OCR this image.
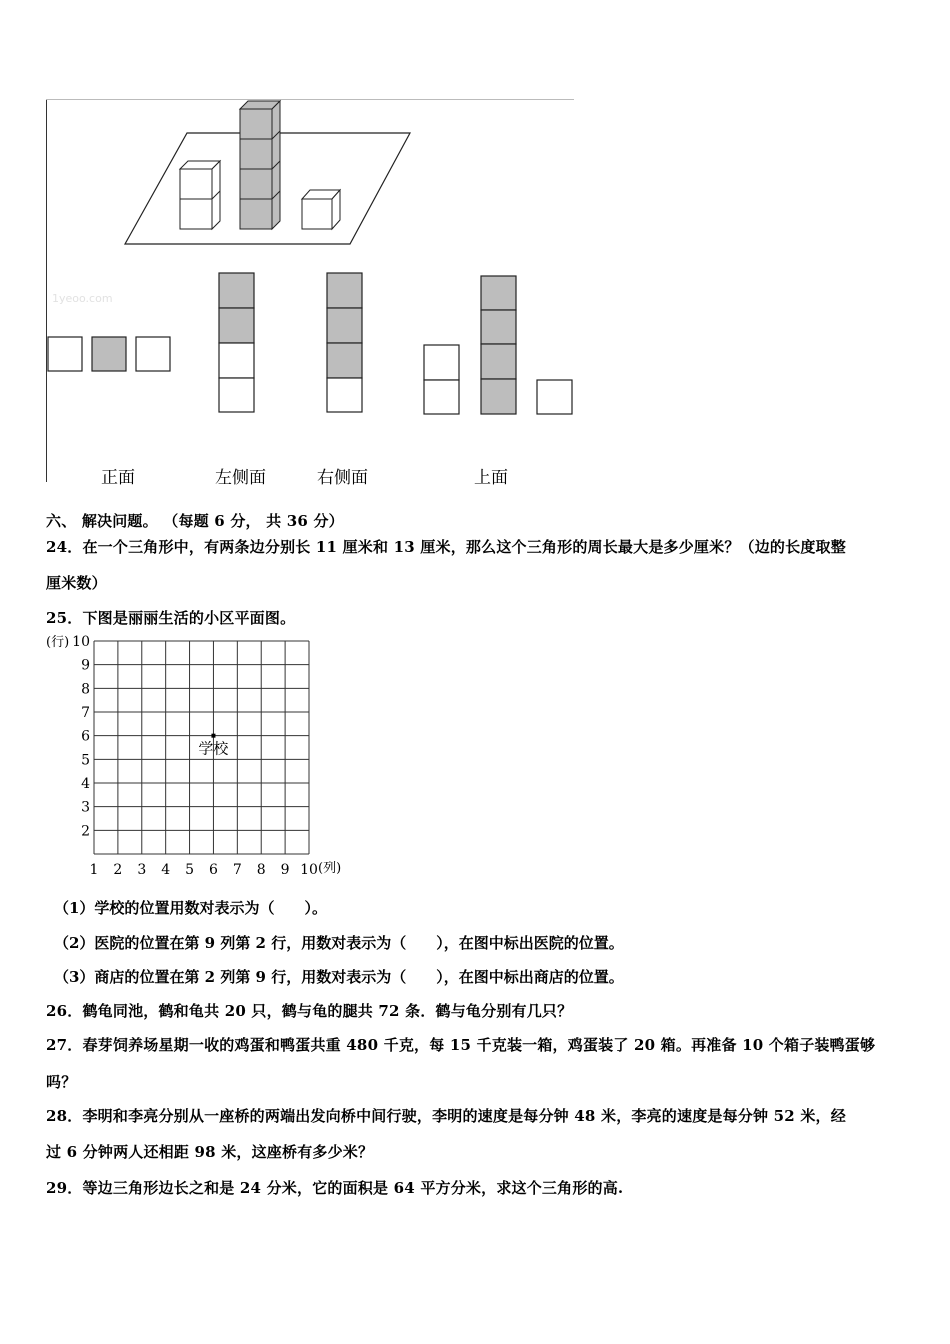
1yeoo.com
正面	左侧面	右侧面	上面
六、 解决问题。 （每题 6 分， 共 36 分）
24．在一个三角形中，有两条边分别长 11 厘米和 13 厘米，那么这个三角形的周长最大是多少厘米？（边的长度取整
厘米数）
25．下图是丽丽生活的小区平面图。
10
9
8
7
6
5
4
3
2
1 2 3 4 5 6 7 8 9 10
(行)
(列)
学校
（1）学校的位置用数对表示为（　　）。
（2）医院的位置在第 9 列第 2 行，用数对表示为（　　），在图中标出医院的位置。
（3）商店的位置在第 2 列第 9 行，用数对表示为（　　），在图中标出商店的位置。
26．鹤龟同池，鹤和龟共 20 只，鹤与龟的腿共 72 条．鹤与龟分别有几只？
27．春芽饲养场星期一收的鸡蛋和鸭蛋共重 480 千克，每 15 千克装一箱，鸡蛋装了 20 箱。再准备 10 个箱子装鸭蛋够
吗？
28．李明和李亮分别从一座桥的两端出发向桥中间行驶，李明的速度是每分钟 48 米，李亮的速度是每分钟 52 米，经
过 6 分钟两人还相距 98 米，这座桥有多少米？
29．等边三角形边长之和是 24 分米，它的面积是 64 平方分米，求这个三角形的高.
